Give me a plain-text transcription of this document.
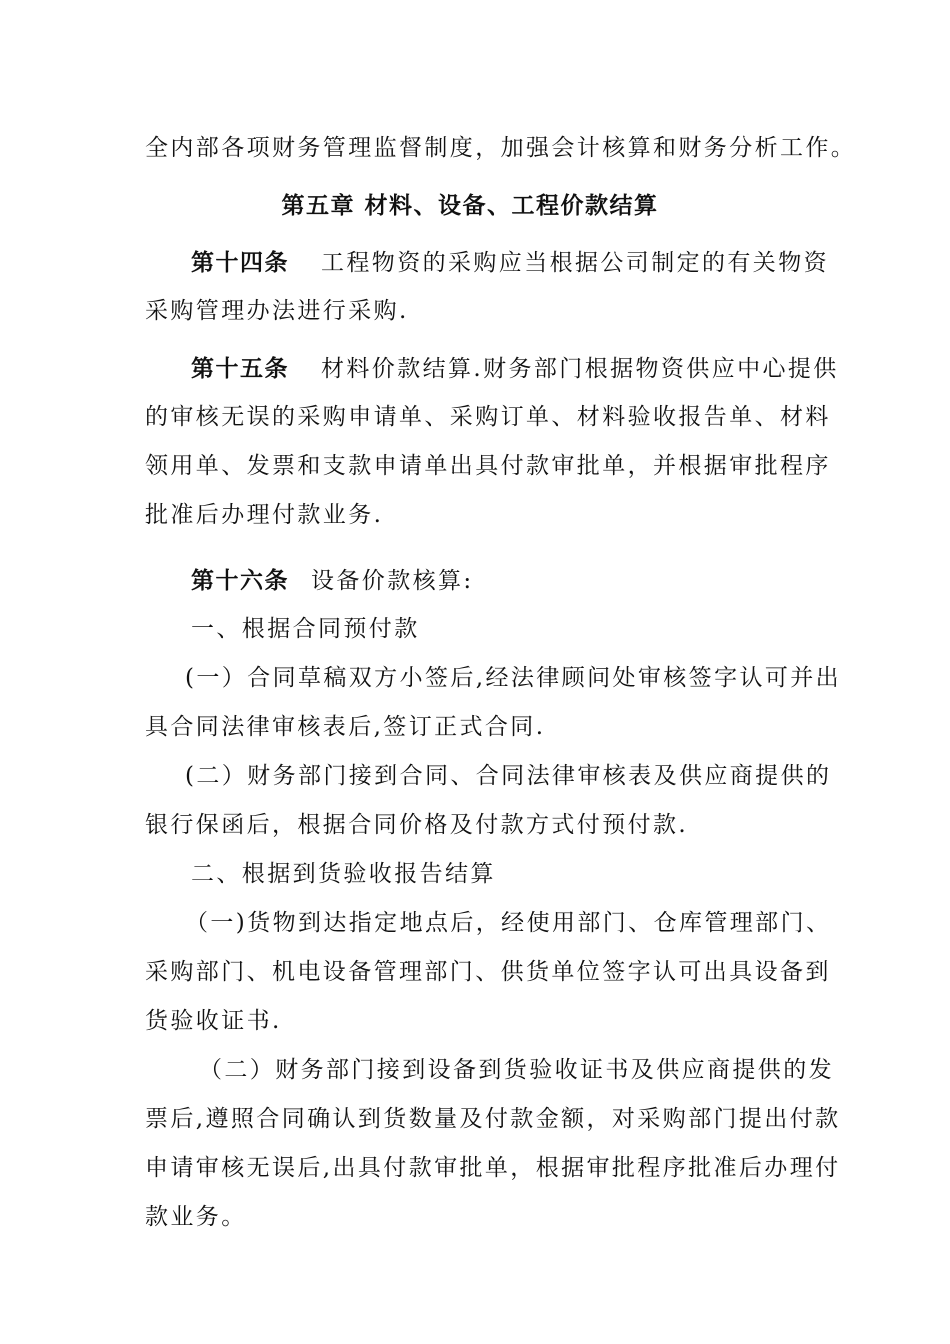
全内部各项财务管理监督制度，加强会计核算和财务分析工作。
第五章 材料、设备、工程价款结算
第十四条 工程物资的采购应当根据公司制定的有关物资
采购管理办法进行采购.
第十五条 材料价款结算.财务部门根据物资供应中心提供
的审核无误的采购申请单、采购订单、材料验收报告单、材料
领用单、发票和支款申请单出具付款审批单，并根据审批程序
批准后办理付款业务.
第十六条 设备价款核算:
一、根据合同预付款
(一）合同草稿双方小签后,经法律顾问处审核签字认可并出
具合同法律审核表后,签订正式合同.
(二）财务部门接到合同、合同法律审核表及供应商提供的
银行保函后，根据合同价格及付款方式付预付款.
二、根据到货验收报告结算
（一)货物到达指定地点后，经使用部门、仓库管理部门、
采购部门、机电设备管理部门、供货单位签字认可出具设备到
货验收证书.
（二）财务部门接到设备到货验收证书及供应商提供的发
票后,遵照合同确认到货数量及付款金额，对采购部门提出付款
申请审核无误后,出具付款审批单，根据审批程序批准后办理付
款业务。
